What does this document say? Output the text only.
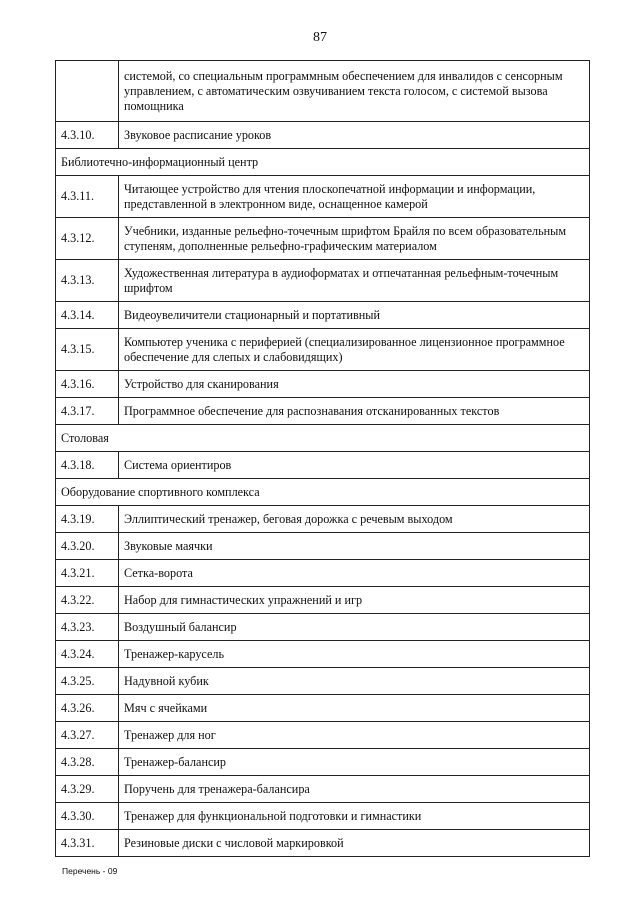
87
	системой, со специальным программным обеспечением для инвалидов с сенсорным управлением, с автоматическим озвучиванием текста голосом, с системой вызова помощника
4.3.10.	Звуковое расписание уроков
Библиотечно-информационный центр	
4.3.11.	Читающее устройство для чтения плоскопечатной информации и информации, представленной в электронном виде, оснащенное камерой
4.3.12.	Учебники, изданные рельефно-точечным шрифтом Брайля по всем образовательным ступеням, дополненные рельефно-графическим материалом
4.3.13.	Художественная литература в аудиоформатах и отпечатанная рельефным-точечным шрифтом
4.3.14.	Видеоувеличители стационарный и портативный
4.3.15.	Компьютер ученика с периферией (специализированное лицензионное программное обеспечение для слепых и слабовидящих)
4.3.16.	Устройство для сканирования
4.3.17.	Программное обеспечение для распознавания отсканированных текстов
Столовая	
4.3.18.	Система ориентиров
Оборудование спортивного комплекса	
4.3.19.	Эллиптический тренажер, беговая дорожка с речевым выходом
4.3.20.	Звуковые маячки
4.3.21.	Сетка-ворота
4.3.22.	Набор для гимнастических упражнений и игр
4.3.23.	Воздушный балансир
4.3.24.	Тренажер-карусель
4.3.25.	Надувной кубик
4.3.26.	Мяч с ячейками
4.3.27.	Тренажер для ног
4.3.28.	Тренажер-балансир
4.3.29.	Поручень для тренажера-балансира
4.3.30.	Тренажер для функциональной подготовки и гимнастики
4.3.31.	Резиновые диски с числовой маркировкой
Перечень - 09
